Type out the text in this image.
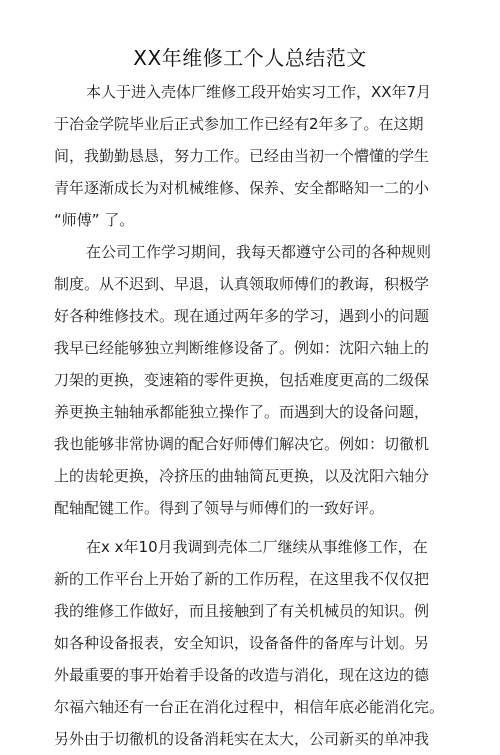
XX年维修工个人总结范文
本人于进入壳体厂维修工段开始实习工作，XX年7月
于冶金学院毕业后正式参加工作已经有2年多了。在这期
间，我勤勤恳恳，努力工作。已经由当初一个懵懂的学生
青年逐渐成长为对机械维修、保养、安全都略知一二的小
“师傅” 了。
在公司工作学习期间，我每天都遵守公司的各种规则
制度。从不迟到、早退，认真领取师傅们的教诲，积极学
好各种维修技术。现在通过两年多的学习，遇到小的问题
我早已经能够独立判断维修设备了。例如：沈阳六轴上的
刀架的更换，变速箱的零件更换，包括难度更高的二级保
养更换主轴轴承都能独立操作了。而遇到大的设备问题，
我也能够非常协调的配合好师傅们解决它。例如：切徹机
上的齿轮更换，冷挤压的曲轴简瓦更换，以及沈阳六轴分
配轴配键工作。得到了领导与师傅们的一致好评。
在x x年10月我调到壳体二厂继续从事维修工作，在
新的工作平台上开始了新的工作历程，在这里我不仅仅把
我的维修工作做好，而且接触到了有关机械员的知识。例
如各种设备报表，安全知识，设备备件的备库与计划。另
外最重要的事开始着手设备的改造与消化，现在这边的德
尔福六轴还有一台正在消化过程中，相信年底必能消化完。
另外由于切徹机的设备消耗实在太大，公司新买的单冲我
